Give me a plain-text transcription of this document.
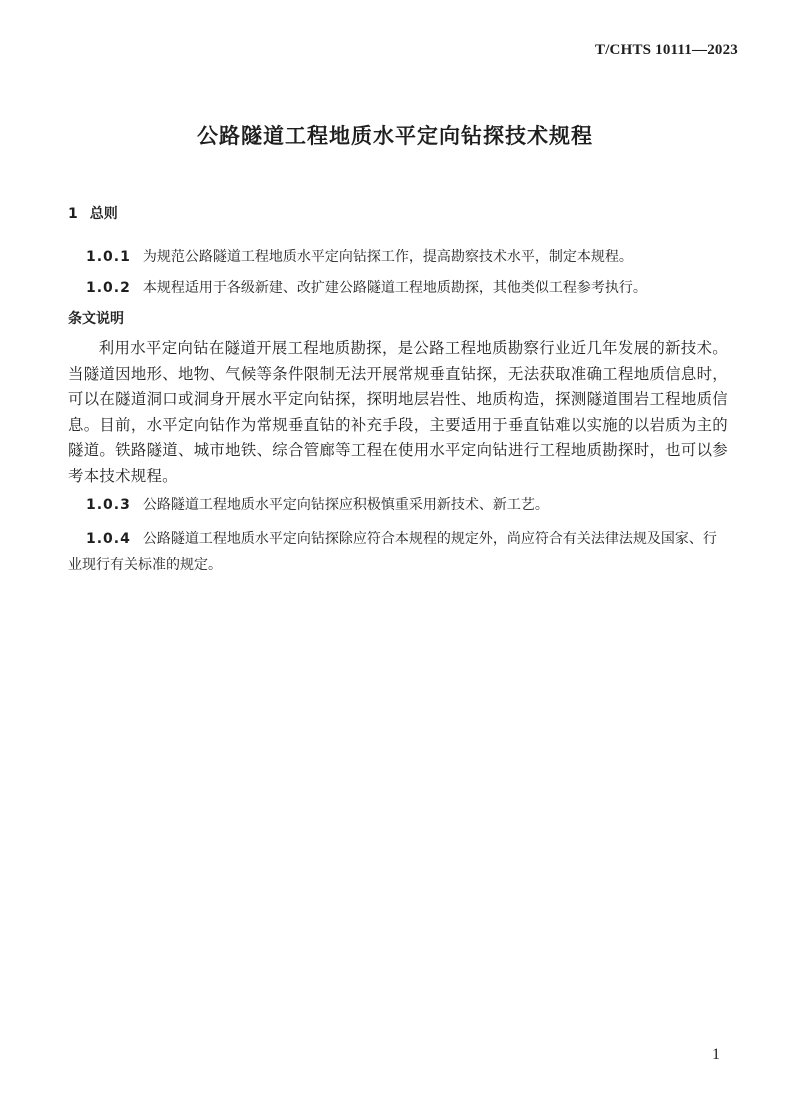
T/CHTS 10111—2023
公路隧道工程地质水平定向钻探技术规程
1 总则
1.0.1 为规范公路隧道工程地质水平定向钻探工作，提高勘察技术水平，制定本规程。
1.0.2 本规程适用于各级新建、改扩建公路隧道工程地质勘探，其他类似工程参考执行。
条文说明
利用水平定向钻在隧道开展工程地质勘探，是公路工程地质勘察行业近几年发展的新技术。当隧道因地形、地物、气候等条件限制无法开展常规垂直钻探，无法获取准确工程地质信息时，可以在隧道洞口或洞身开展水平定向钻探，探明地层岩性、地质构造，探测隧道围岩工程地质信息。目前，水平定向钻作为常规垂直钻的补充手段，主要适用于垂直钻难以实施的以岩质为主的隧道。铁路隧道、城市地铁、综合管廊等工程在使用水平定向钻进行工程地质勘探时，也可以参考本技术规程。
1.0.3 公路隧道工程地质水平定向钻探应积极慎重采用新技术、新工艺。
1.0.4 公路隧道工程地质水平定向钻探除应符合本规程的规定外，尚应符合有关法律法规及国家、行业现行有关标准的规定。
1
